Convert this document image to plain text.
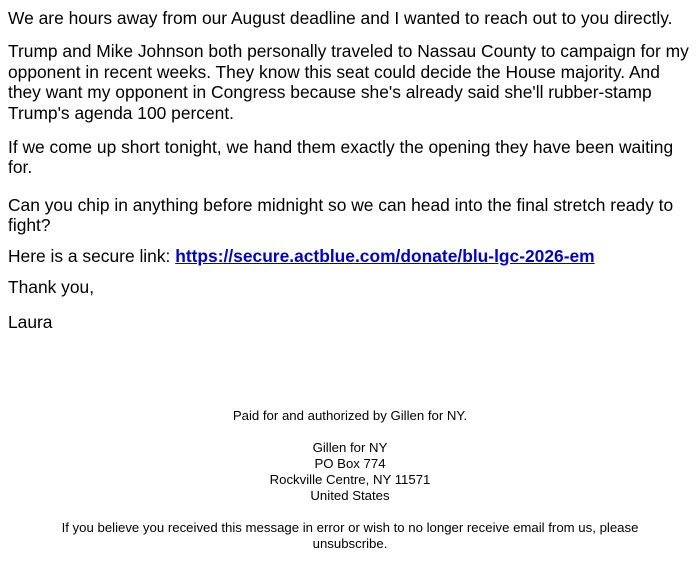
We are hours away from our August deadline and I wanted to reach out to you directly.

Trump and Mike Johnson both personally traveled to Nassau County to campaign for my opponent in recent weeks. They know this seat could decide the House majority. And they want my opponent in Congress because she's already said she'll rubber-stamp Trump's agenda 100 percent.

If we come up short tonight, we hand them exactly the opening they have been waiting for.

Can you chip in anything before midnight so we can head into the final stretch ready to fight?

Here is a secure link: https://secure.actblue.com/donate/blu-lgc-2026-em

Thank you,

Laura

Paid for and authorized by Gillen for NY.
Gillen for NY
PO Box 774
Rockville Centre, NY 11571
United States
If you believe you received this message in error or wish to no longer receive email from us, please unsubscribe.
